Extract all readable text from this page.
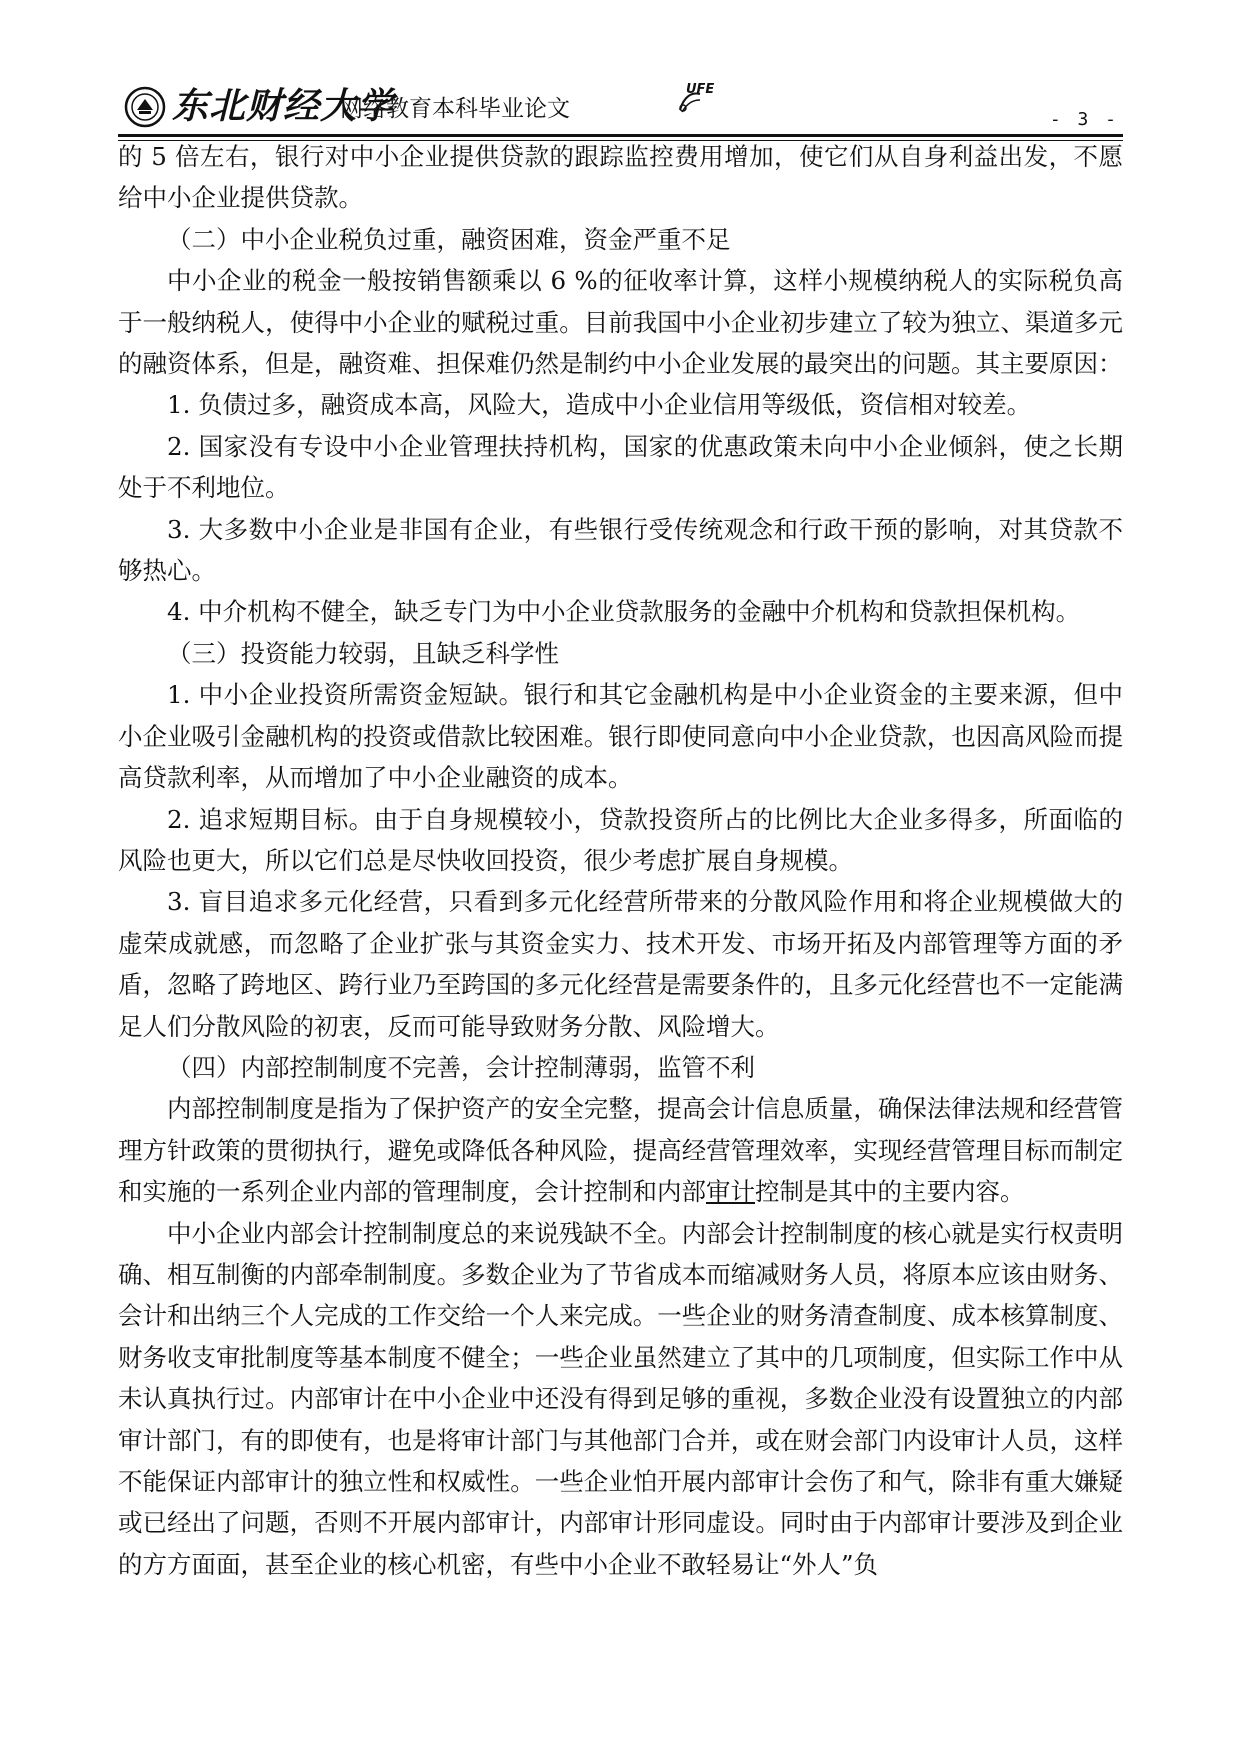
东北财经大学
网络教育本科毕业论文
UFE
- 3 -

的 5 倍左右，银行对中小企业提供贷款的跟踪监控费用增加，使它们从自身利益出发，不愿给中小企业提供贷款。

（二）中小企业税负过重，融资困难，资金严重不足

中小企业的税金一般按销售额乘以 6 %的征收率计算，这样小规模纳税人的实际税负高于一般纳税人，使得中小企业的赋税过重。目前我国中小企业初步建立了较为独立、渠道多元的融资体系，但是，融资难、担保难仍然是制约中小企业发展的最突出的问题。其主要原因：

1. 负债过多，融资成本高，风险大，造成中小企业信用等级低，资信相对较差。

2. 国家没有专设中小企业管理扶持机构，国家的优惠政策未向中小企业倾斜，使之长期处于不利地位。

3. 大多数中小企业是非国有企业，有些银行受传统观念和行政干预的影响，对其贷款不够热心。

4. 中介机构不健全，缺乏专门为中小企业贷款服务的金融中介机构和贷款担保机构。

（三）投资能力较弱，且缺乏科学性

1. 中小企业投资所需资金短缺。银行和其它金融机构是中小企业资金的主要来源，但中小企业吸引金融机构的投资或借款比较困难。银行即使同意向中小企业贷款，也因高风险而提高贷款利率，从而增加了中小企业融资的成本。

2. 追求短期目标。由于自身规模较小，贷款投资所占的比例比大企业多得多，所面临的风险也更大，所以它们总是尽快收回投资，很少考虑扩展自身规模。

3. 盲目追求多元化经营，只看到多元化经营所带来的分散风险作用和将企业规模做大的虚荣成就感，而忽略了企业扩张与其资金实力、技术开发、市场开拓及内部管理等方面的矛盾，忽略了跨地区、跨行业乃至跨国的多元化经营是需要条件的，且多元化经营也不一定能满足人们分散风险的初衷，反而可能导致财务分散、风险增大。

（四）内部控制制度不完善，会计控制薄弱，监管不利

内部控制制度是指为了保护资产的安全完整，提高会计信息质量，确保法律法规和经营管理方针政策的贯彻执行，避免或降低各种风险，提高经营管理效率，实现经营管理目标而制定和实施的一系列企业内部的管理制度，会计控制和内部审计控制是其中的主要内容。

中小企业内部会计控制制度总的来说残缺不全。内部会计控制制度的核心就是实行权责明确、相互制衡的内部牵制制度。多数企业为了节省成本而缩减财务人员，将原本应该由财务、会计和出纳三个人完成的工作交给一个人来完成。一些企业的财务清查制度、成本核算制度、财务收支审批制度等基本制度不健全；一些企业虽然建立了其中的几项制度，但实际工作中从未认真执行过。内部审计在中小企业中还没有得到足够的重视，多数企业没有设置独立的内部审计部门，有的即使有，也是将审计部门与其他部门合并，或在财会部门内设审计人员，这样不能保证内部审计的独立性和权威性。一些企业怕开展内部审计会伤了和气，除非有重大嫌疑或已经出了问题，否则不开展内部审计，内部审计形同虚设。同时由于内部审计要涉及到企业的方方面面，甚至企业的核心机密，有些中小企业不敢轻易让“外人”负
